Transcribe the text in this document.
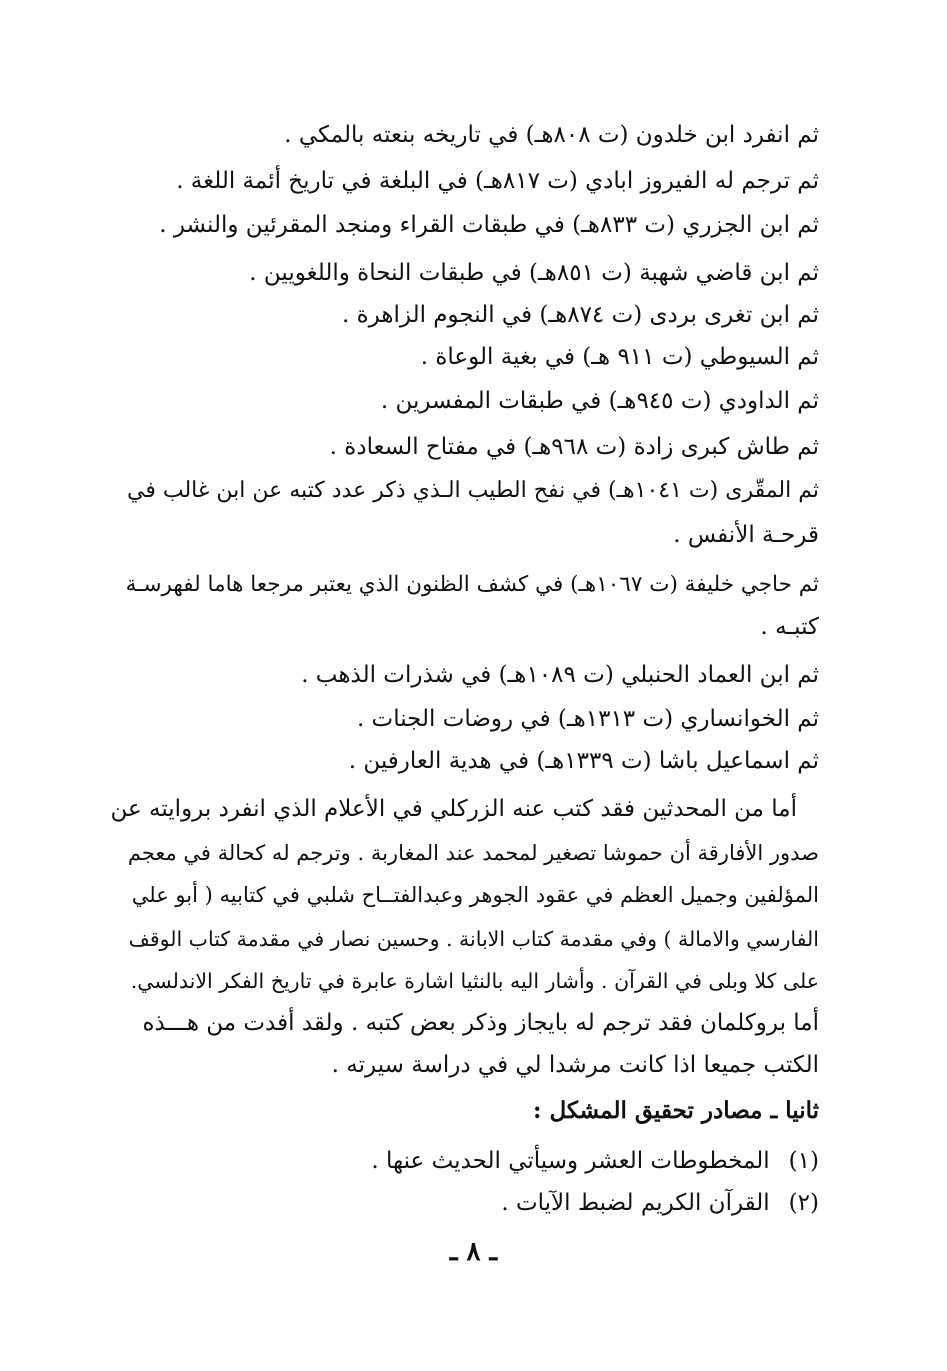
ثم انفرد ابن خلدون (ت ٨٠٨هـ) في تاريخه بنعته بالمكي .
ثم ترجم له الفيروز ابادي (ت ٨١٧هـ) في البلغة في تاريخ أئمة اللغة .
ثم ابن الجزري (ت ٨٣٣هـ) في طبقات القراء ومنجد المقرئين والنشر .
ثم ابن قاضي شهبة (ت ٨٥١هـ) في طبقات النحاة واللغويين .
ثم ابن تغرى بردى (ت ٨٧٤هـ) في النجوم الزاهرة .
ثم السيوطي (ت ٩١١ هـ) في بغية الوعاة .
ثم الداودي (ت ٩٤٥هـ) في طبقات المفسرين .
ثم طاش كبرى زادة (ت ٩٦٨هـ) في مفتاح السعادة .
ثم المقّرى (ت ١٠٤١هـ) في نفح الطيب الـذي ذكر عدد كتبه عن ابن غالب في
قرحـة الأنفس .
ثم حاجي خليفة (ت ١٠٦٧هـ) في كشف الظنون الذي يعتبر مرجعا هاما لفهرسـة
كتبـه .
ثم ابن العماد الحنبلي (ت ١٠٨٩هـ) في شذرات الذهب .
ثم الخوانساري (ت ١٣١٣هـ) في روضات الجنات .
ثم اسماعيل باشا (ت ١٣٣٩هـ) في هدية العارفين .
أما من المحدثين فقد كتب عنه الزركلي في الأعلام الذي انفرد بروايته عن
صدور الأفارقة أن حموشا تصغير لمحمد عند المغاربة . وترجم له كحالة في معجم
المؤلفين وجميل العظم في عقود الجوهر وعبدالفتــاح شلبي في كتابيه ( أبو علي
الفارسي والامالة ) وفي مقدمة كتاب الابانة . وحسين نصار في مقدمة كتاب الوقف
على كلا وبلى في القرآن . وأشار اليه بالنثيا اشارة عابرة في تاريخ الفكر الاندلسي.
أما بروكلمان فقد ترجم له بايجاز وذكر بعض كتبه . ولقد أفدت من هـــذه
الكتب جميعا اذا كانت مرشدا لي في دراسة سيرته .
ثانيا ـ مصادر تحقيق المشكل :
(١) المخطوطات العشر وسيأتي الحديث عنها .
(٢) القرآن الكريم لضبط الآيات .
ـ ٨ ـ
